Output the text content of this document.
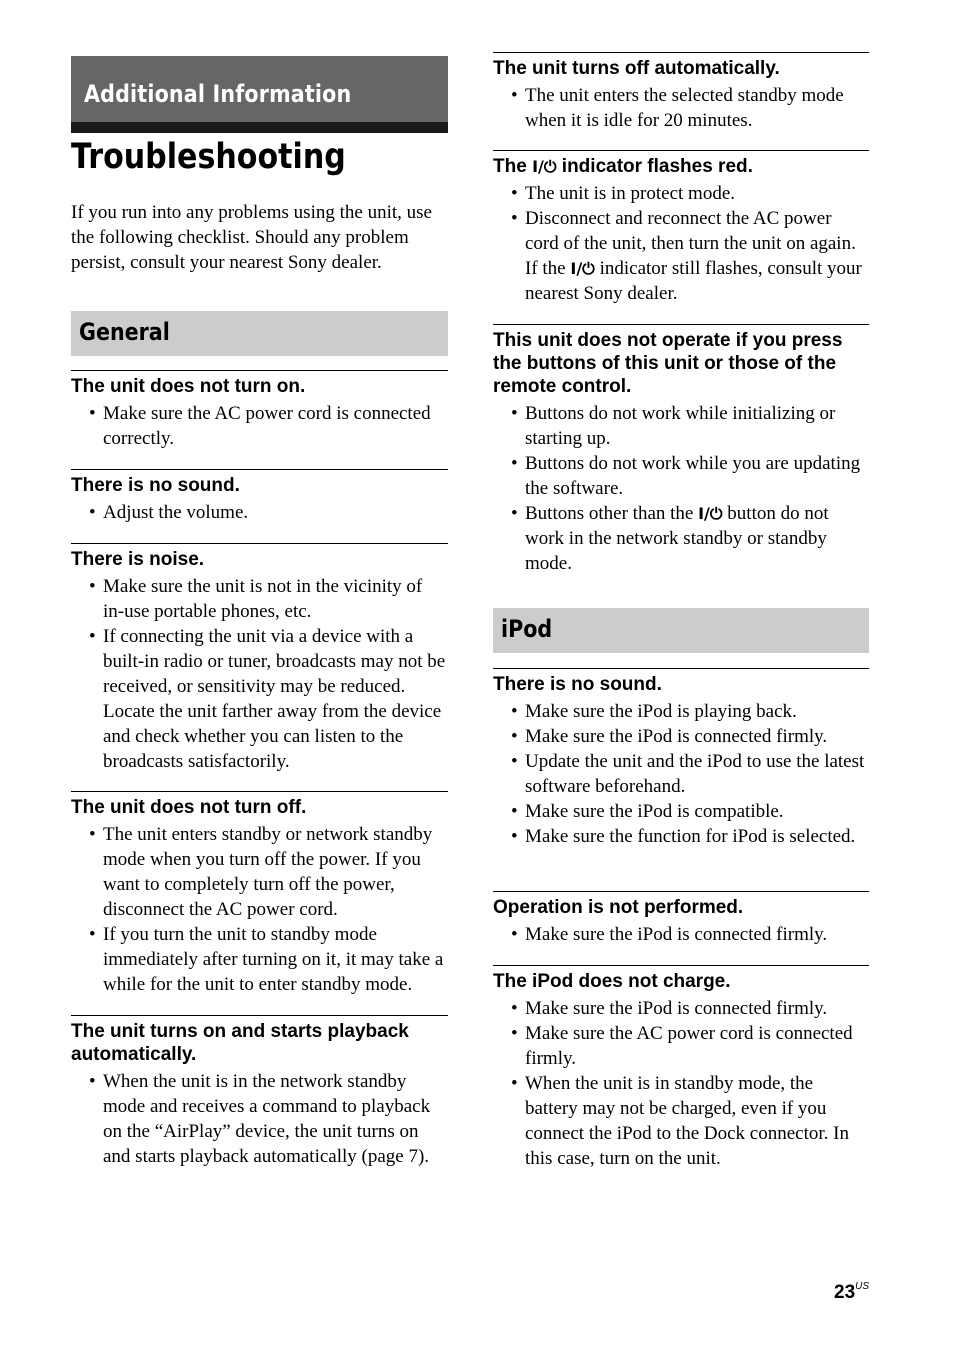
Additional Information
Troubleshooting

If you run into any problems using the unit, use the following checklist. Should any problem persist, consult your nearest Sony dealer.

General
The unit does not turn on.
• Make sure the AC power cord is connected correctly.
There is no sound.
• Adjust the volume.
There is noise.
• Make sure the unit is not in the vicinity of in-use portable phones, etc.
• If connecting the unit via a device with a built-in radio or tuner, broadcasts may not be received, or sensitivity may be reduced. Locate the unit farther away from the device and check whether you can listen to the broadcasts satisfactorily.
The unit does not turn off.
• The unit enters standby or network standby mode when you turn off the power. If you want to completely turn off the power, disconnect the AC power cord.
• If you turn the unit to standby mode immediately after turning on it, it may take a while for the unit to enter standby mode.
The unit turns on and starts playback automatically.
• When the unit is in the network standby mode and receives a command to playback on the “AirPlay” device, the unit turns on and starts playback automatically (page 7).
The unit turns off automatically.
• The unit enters the selected standby mode when it is idle for 20 minutes.
The I/⏻ indicator flashes red.
• The unit is in protect mode.
• Disconnect and reconnect the AC power cord of the unit, then turn the unit on again. If the I/⏻ indicator still flashes, consult your nearest Sony dealer.
This unit does not operate if you press the buttons of this unit or those of the remote control.
• Buttons do not work while initializing or starting up.
• Buttons do not work while you are updating the software.
• Buttons other than the I/⏻ button do not work in the network standby or standby mode.
iPod
There is no sound.
• Make sure the iPod is playing back.
• Make sure the iPod is connected firmly.
• Update the unit and the iPod to use the latest software beforehand.
• Make sure the iPod is compatible.
• Make sure the function for iPod is selected.
Operation is not performed.
• Make sure the iPod is connected firmly.
The iPod does not charge.
• Make sure the iPod is connected firmly.
• Make sure the AC power cord is connected firmly.
• When the unit is in standby mode, the battery may not be charged, even if you connect the iPod to the Dock connector. In this case, turn on the unit.
$23^{US}$
